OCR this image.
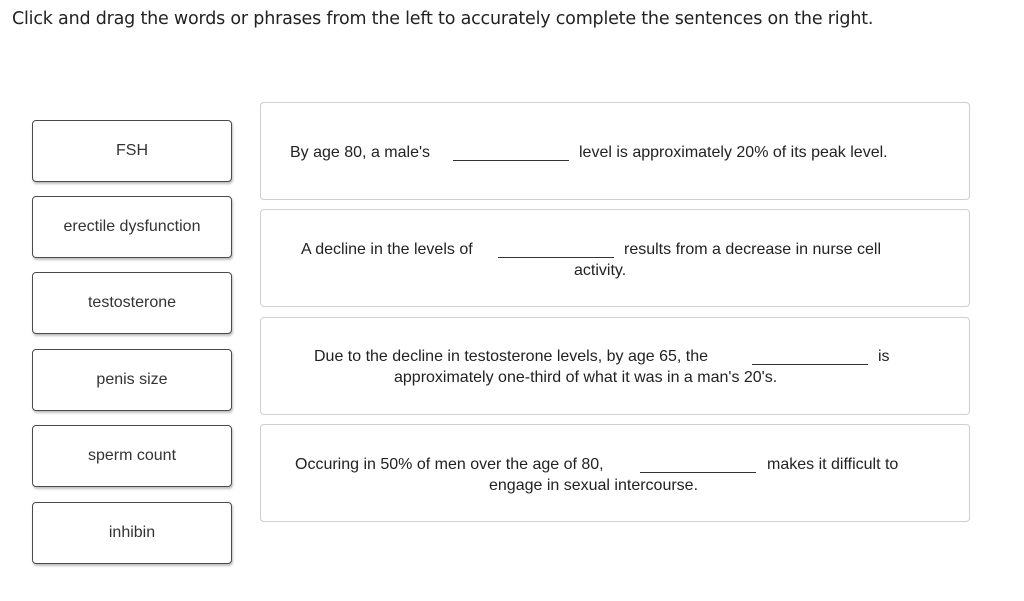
Click and drag the words or phrases from the left to accurately complete the sentences on the right.
FSH
erectile dysfunction
testosterone
penis size
sperm count
inhibin
By age 80, a male's	level is approximately 20% of its peak level.
A decline in the levels of	results from a decrease in nurse cell
activity.
Due to the decline in testosterone levels, by age 65, the	is
approximately one-third of what it was in a man's 20's.
Occuring in 50% of men over the age of 80,	makes it difficult to
engage in sexual intercourse.
